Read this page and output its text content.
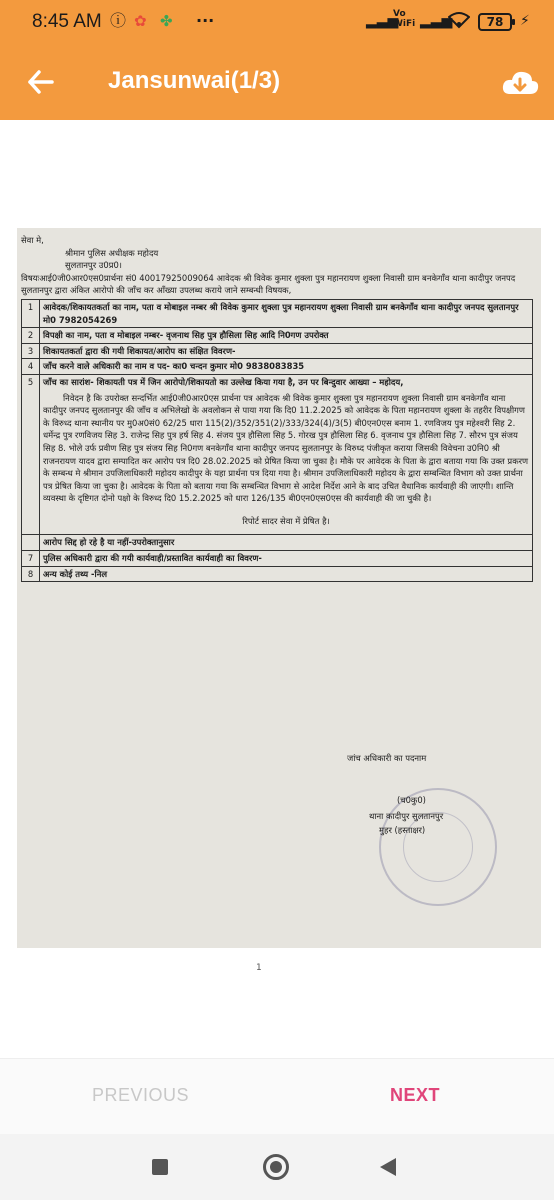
8:45 AM ⓘ ✿ ✤ ···	▂▃▅
Vo WiFi ▂▃▅	78	⚡
Jansunwai(1/3)

सेवा मे,

श्रीमान पुलिस अधीक्षक महोदय

सुलतानपुर उ0प्र0।

विषयःआई0जी0आर0एस0प्रार्थना सं0 40017925009064 आवेदक श्री विवेक कुमार शुक्ला पुत्र महानरायण शुक्ला निवासी ग्राम बनकेगाँव थाना कादीपुर जनपद सुलतानपुर द्वारा अंकित आरोपो की जाँच कर आँख्या उपलब्ध कराये जाने सम्बन्धी विषयक,

1	आवेदक/शिकायतकर्ता का नाम, पता व मोबाइल नम्बर श्री विवेक कुमार शुक्ला पुत्र महानरायण शुक्ला निवासी ग्राम बनकेगाँव थाना कादीपुर जनपद सुलतानपुर मो0 7982054269
2	विपक्षी का नाम, पता व मोबाइल नम्बर- वृजनाथ सिह पुत्र हौसिला सिह आदि नि0गण उपरोक्त
3	शिकायतकर्ता द्वारा की गयी शिकायत/आरोप का संक्षित विवरण-
4	जाँच करने वाले अधिकारी का नाम व पद- का0 चन्दन कुमार मो0 9838083835
5	जाँच का सारांश- शिकायती पत्र में जिन आरोपो/शिकायतो का उल्लेख किया गया है, उन पर बिन्दुवार आख्या – महोदय,
निवेदन है कि उपरोक्त सन्दर्भित आई0जी0आर0एस प्रार्थना पत्र आवेदक श्री विवेक कुमार शुक्ला पुत्र महानरायण शुक्ला निवासी ग्राम बनकेगाँव थाना कादीपुर जनपद सुलतानपुर की जाँच व अभिलेखो के अवलोकन से पाया गया कि दि0 11.2.2025 को आवेदक के पिता महानरायण शुक्ला के तहरीर विपक्षीगण के विरुध्द थाना स्थानीय पर मु0अ0सं0 62/25 धारा 115(2)/352/351(2)/333/324(4)/3(5) बी0एन0एस बनाम 1. रणविजय पुत्र महेश्वरी सिह 2. धर्मेन्द्र पुत्र रणविजय सिह 3. राजेन्द्र सिह पुत्र हर्ष सिह 4. संजय पुत्र हौसिला सिह 5. गोरख पुत्र हौसिला सिह 6. वृजनाथ पुत्र हौसिला सिह 7. सौरभ पुत्र संजय सिह 8. भोले उर्फ प्रवीण सिह पुत्र संजय सिह नि0गण बनकेगाँव थाना कादीपुर जनपद सुलतानपुर के विरुध्द पंजीकृत कराया जिसकी विवेचना उ0नि0 श्री राजनरायण यादव द्वारा सम्पादित कर आरोप पत्र दि0 28.02.2025 को प्रेषित किया जा चुका है। मौके पर आवेदक के पिता के द्वारा बताया गया कि उक्त प्रकरण के सम्बन्ध मे श्रीमान उपजिलाधिकारी महोदय कादीपुर के यहा प्रार्थना पत्र दिया गया है। श्रीमान उपजिलाधिकारी महोदय के द्वारा सम्बन्धित विभाग को उक्त प्रार्थना पत्र प्रेषित किया जा चुका है। आवेदक के पिता को बताया गया कि सम्बन्धित विभाग से आदेश निर्देश आने के बाद उचित वैधानिक कार्यवाही की जाएगी। शान्ति व्यवस्था के दृष्टिगत दोनो पक्षो के विरुध्द दि0 15.2.2025 को धारा 126/135 बी0एन0एस0एस की कार्यवाही की जा चुकी है।
रिपोर्ट सादर सेवा में प्रेषित है।

	आरोप सिद्द हो रहे है या नहीं-उपरोक्तानुसार
7	पुलिस अधिकारी द्वारा की गयी कार्यवाही/प्रस्तावित कार्यवाही का विवरण-
8	अन्य कोई तथ्य -निल
जांच अधिकारी का पदनाम
(च0कु0)
थाना कादीपुर सुलतानपुर
मुहर (हस्ताक्षर)
1
PREVIOUS	NEXT
